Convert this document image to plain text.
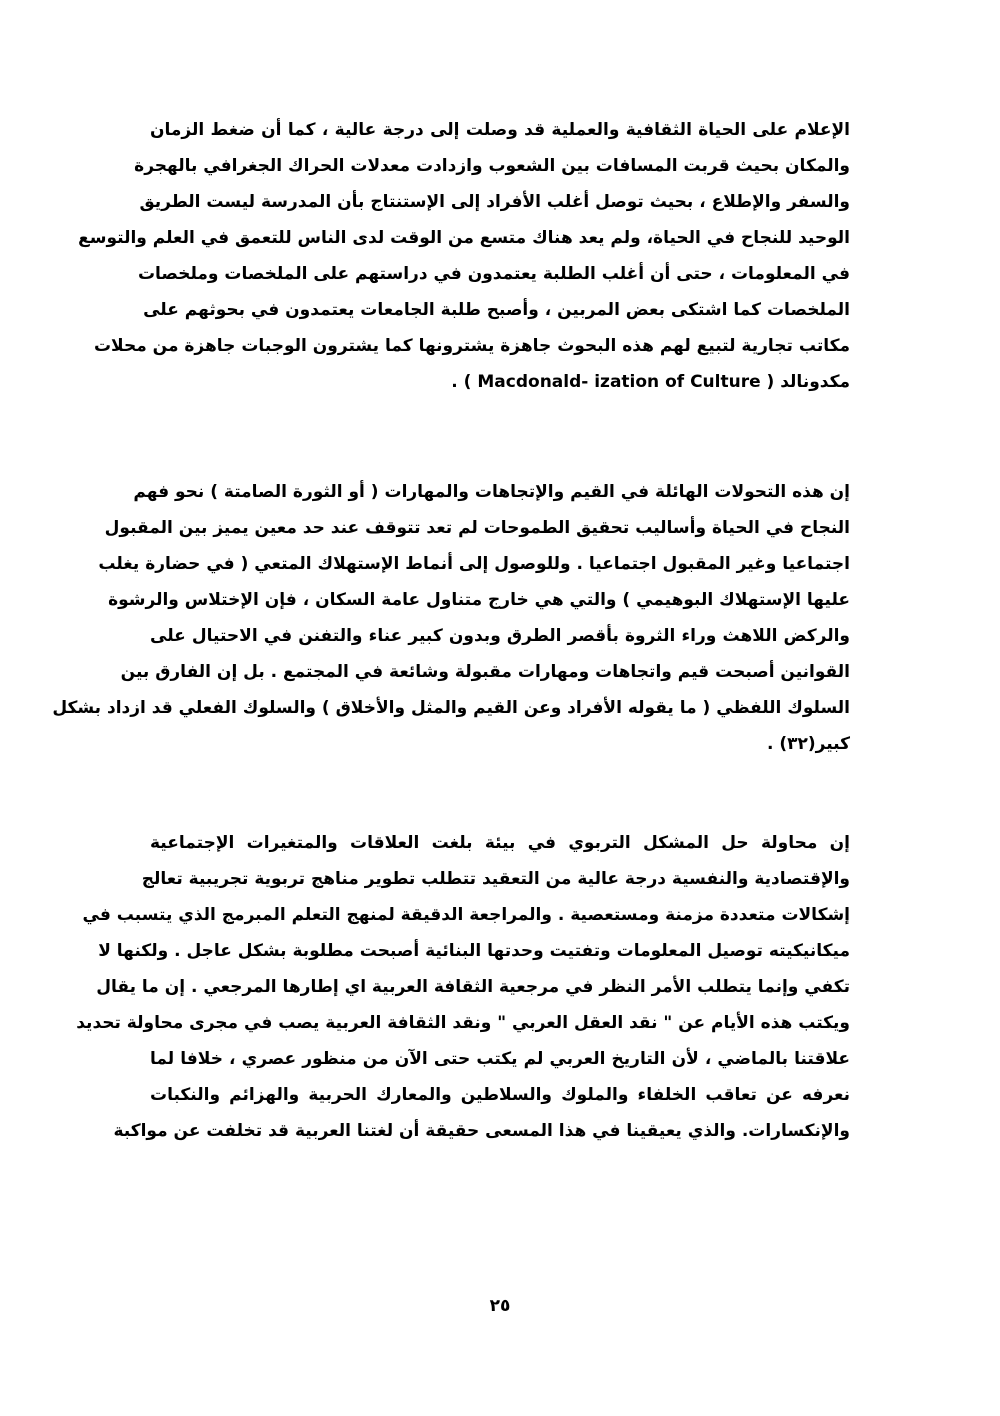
الإعلام على الحياة الثقافية والعملية قد وصلت إلى درجة عالية ، كما أن ضغط الزمان
والمكان بحيث قربت المسافات بين الشعوب وازدادت معدلات الحراك الجغرافي بالهجرة
والسفر والإطلاع ، بحيث توصل أغلب الأفراد إلى الإستنتاج بأن المدرسة ليست الطريق
الوحيد للنجاح في الحياة، ولم يعد هناك متسع من الوقت لدى الناس للتعمق في العلم والتوسع
في المعلومات ، حتى أن أغلب الطلبة يعتمدون في دراستهم على الملخصات وملخصات
الملخصات كما اشتكى بعض المربين ، وأصبح طلبة الجامعات يعتمدون في بحوثهم على
مكاتب تجارية لتبيع لهم هذه البحوث جاهزة يشترونها كما يشترون الوجبات جاهزة من محلات
مكدونالد ( Macdonald- ization of Culture ) .
إن هذه التحولات الهائلة في القيم والإتجاهات والمهارات ( أو الثورة الصامتة ) نحو فهم
النجاح في الحياة وأساليب تحقيق الطموحات لم تعد تتوقف عند حد معين يميز بين المقبول
اجتماعيا وغير المقبول اجتماعيا . وللوصول إلى أنماط الإستهلاك المتعي ( في حضارة يغلب
عليها الإستهلاك البوهيمي ) والتي هي خارج متناول عامة السكان ، فإن الإختلاس والرشوة
والركض اللاهث وراء الثروة بأقصر الطرق وبدون كبير عناء والتفنن في الاحتيال على
القوانين أصبحت قيم واتجاهات ومهارات مقبولة وشائعة في المجتمع . بل إن الفارق بين
السلوك اللفظي ( ما يقوله الأفراد وعن القيم والمثل والأخلاق ) والسلوك الفعلي قد ازداد بشكل
كبير(٣٢) .
إن محاولة حل المشكل التربوي في بيئة بلغت العلاقات والمتغيرات الإجتماعية
والإقتصادية والنفسية درجة عالية من التعقيد تتطلب تطوير مناهج تربوية تجريبية تعالج
إشكالات متعددة مزمنة ومستعصية . والمراجعة الدقيقة لمنهج التعلم المبرمج الذي يتسبب في
ميكانيكيته توصيل المعلومات وتفتيت وحدتها البنائية أصبحت مطلوبة بشكل عاجل . ولكنها لا
تكفي وإنما يتطلب الأمر النظر في مرجعية الثقافة العربية اي إطارها المرجعي . إن ما يقال
ويكتب هذه الأيام عن " نقد العقل العربي " ونقد الثقافة العربية يصب في مجرى محاولة تحديد
علاقتنا بالماضي ، لأن التاريخ العربي لم يكتب حتى الآن من منظور عصري ، خلافا لما
نعرفه عن تعاقب الخلفاء والملوك والسلاطين والمعارك الحربية والهزائم والنكبات
والإنكسارات. والذي يعيقينا في هذا المسعى حقيقة أن لغتنا العربية قد تخلفت عن مواكبة
٢٥
